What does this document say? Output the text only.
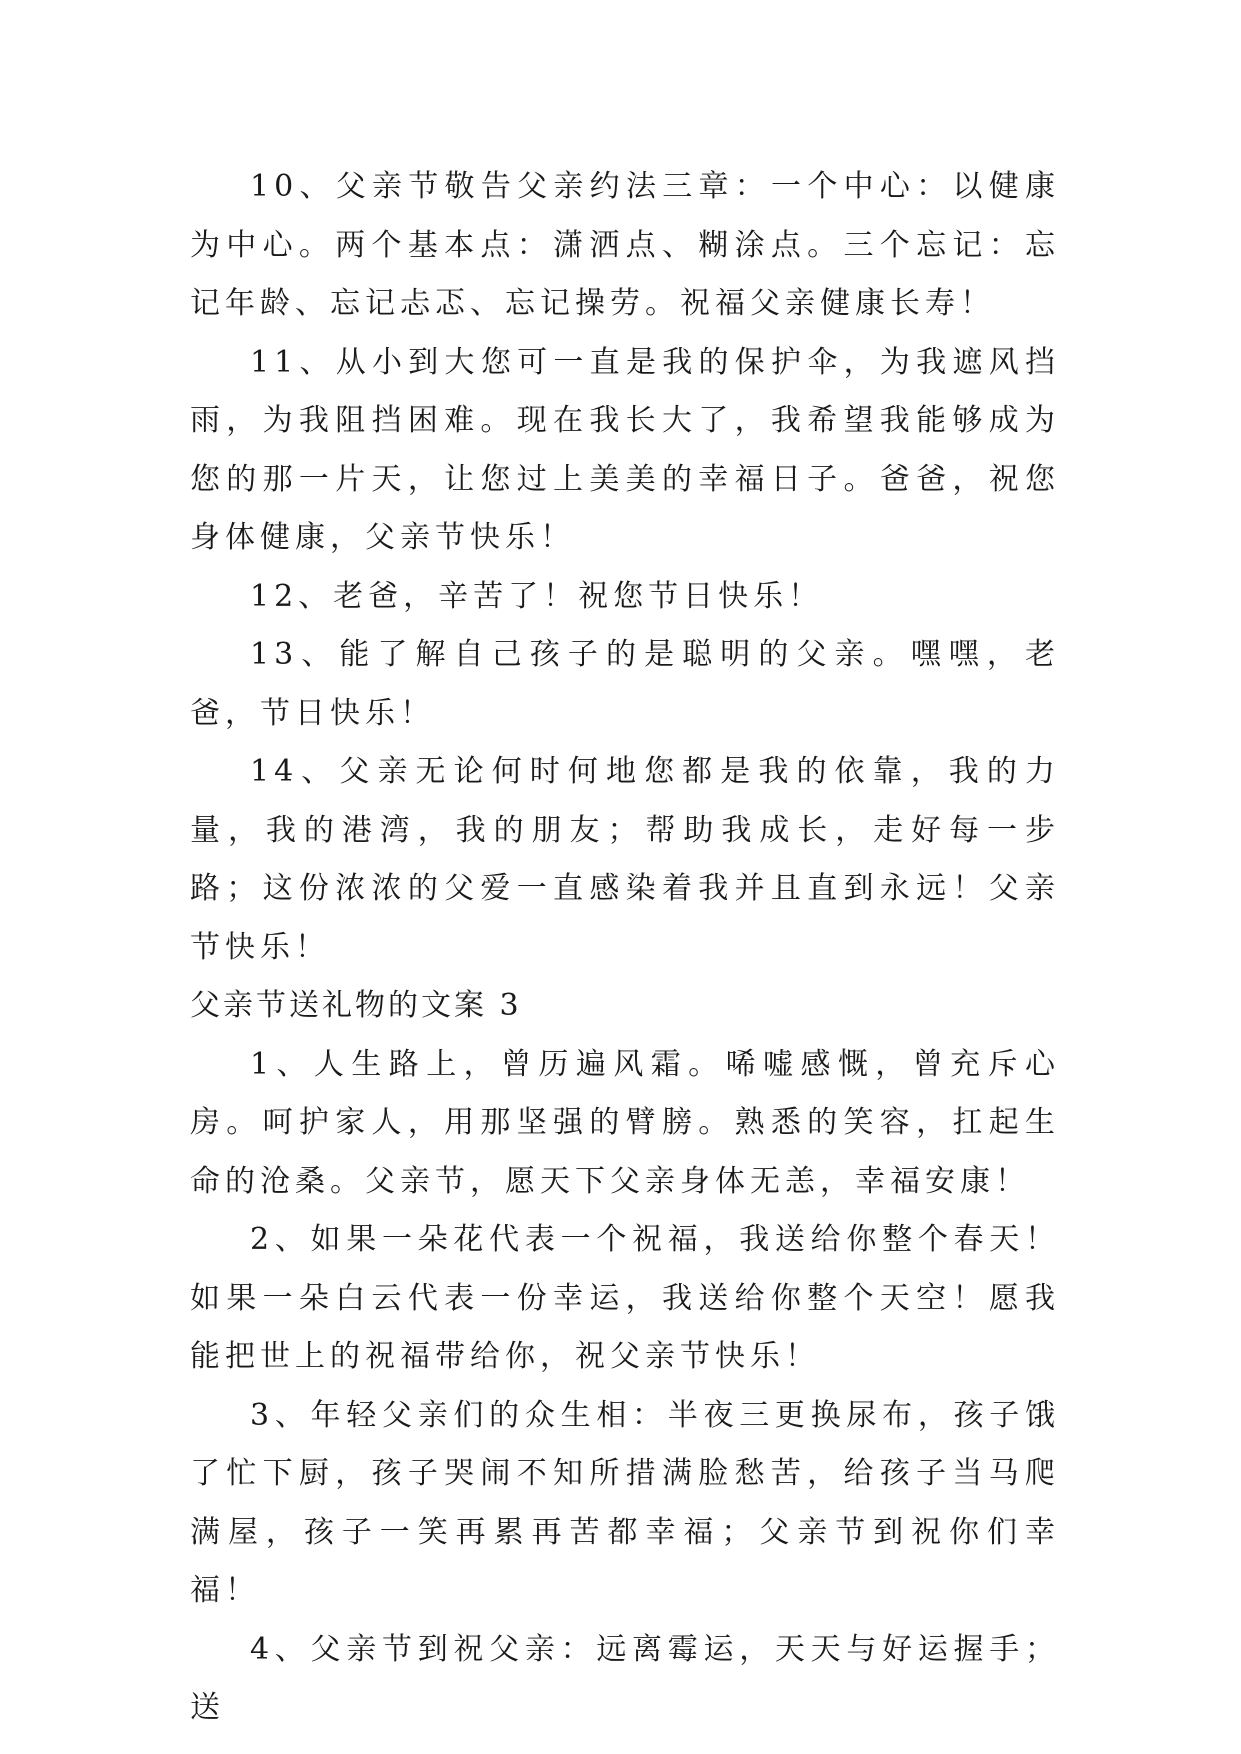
10、父亲节敬告父亲约法三章：一个中心：以健康为中心。两个基本点：潇洒点、糊涂点。三个忘记：忘记年龄、忘记忐忑、忘记操劳。祝福父亲健康长寿！

11、从小到大您可一直是我的保护伞，为我遮风挡雨，为我阻挡困难。现在我长大了，我希望我能够成为您的那一片天，让您过上美美的幸福日子。爸爸，祝您身体健康，父亲节快乐！

12、老爸，辛苦了！祝您节日快乐！

13、能了解自己孩子的是聪明的父亲。嘿嘿，老爸，节日快乐！

14、父亲无论何时何地您都是我的依靠，我的力量，我的港湾，我的朋友；帮助我成长，走好每一步路；这份浓浓的父爱一直感染着我并且直到永远！父亲节快乐！

父亲节送礼物的文案 3

1、人生路上，曾历遍风霜。唏嘘感慨，曾充斥心房。呵护家人，用那坚强的臂膀。熟悉的笑容，扛起生命的沧桑。父亲节，愿天下父亲身体无恙，幸福安康！

2、如果一朵花代表一个祝福，我送给你整个春天！如果一朵白云代表一份幸运，我送给你整个天空！愿我能把世上的祝福带给你，祝父亲节快乐！

3、年轻父亲们的众生相：半夜三更换尿布，孩子饿了忙下厨，孩子哭闹不知所措满脸愁苦，给孩子当马爬满屋，孩子一笑再累再苦都幸福；父亲节到祝你们幸福！

4、父亲节到祝父亲：远离霉运，天天与好运握手；送
